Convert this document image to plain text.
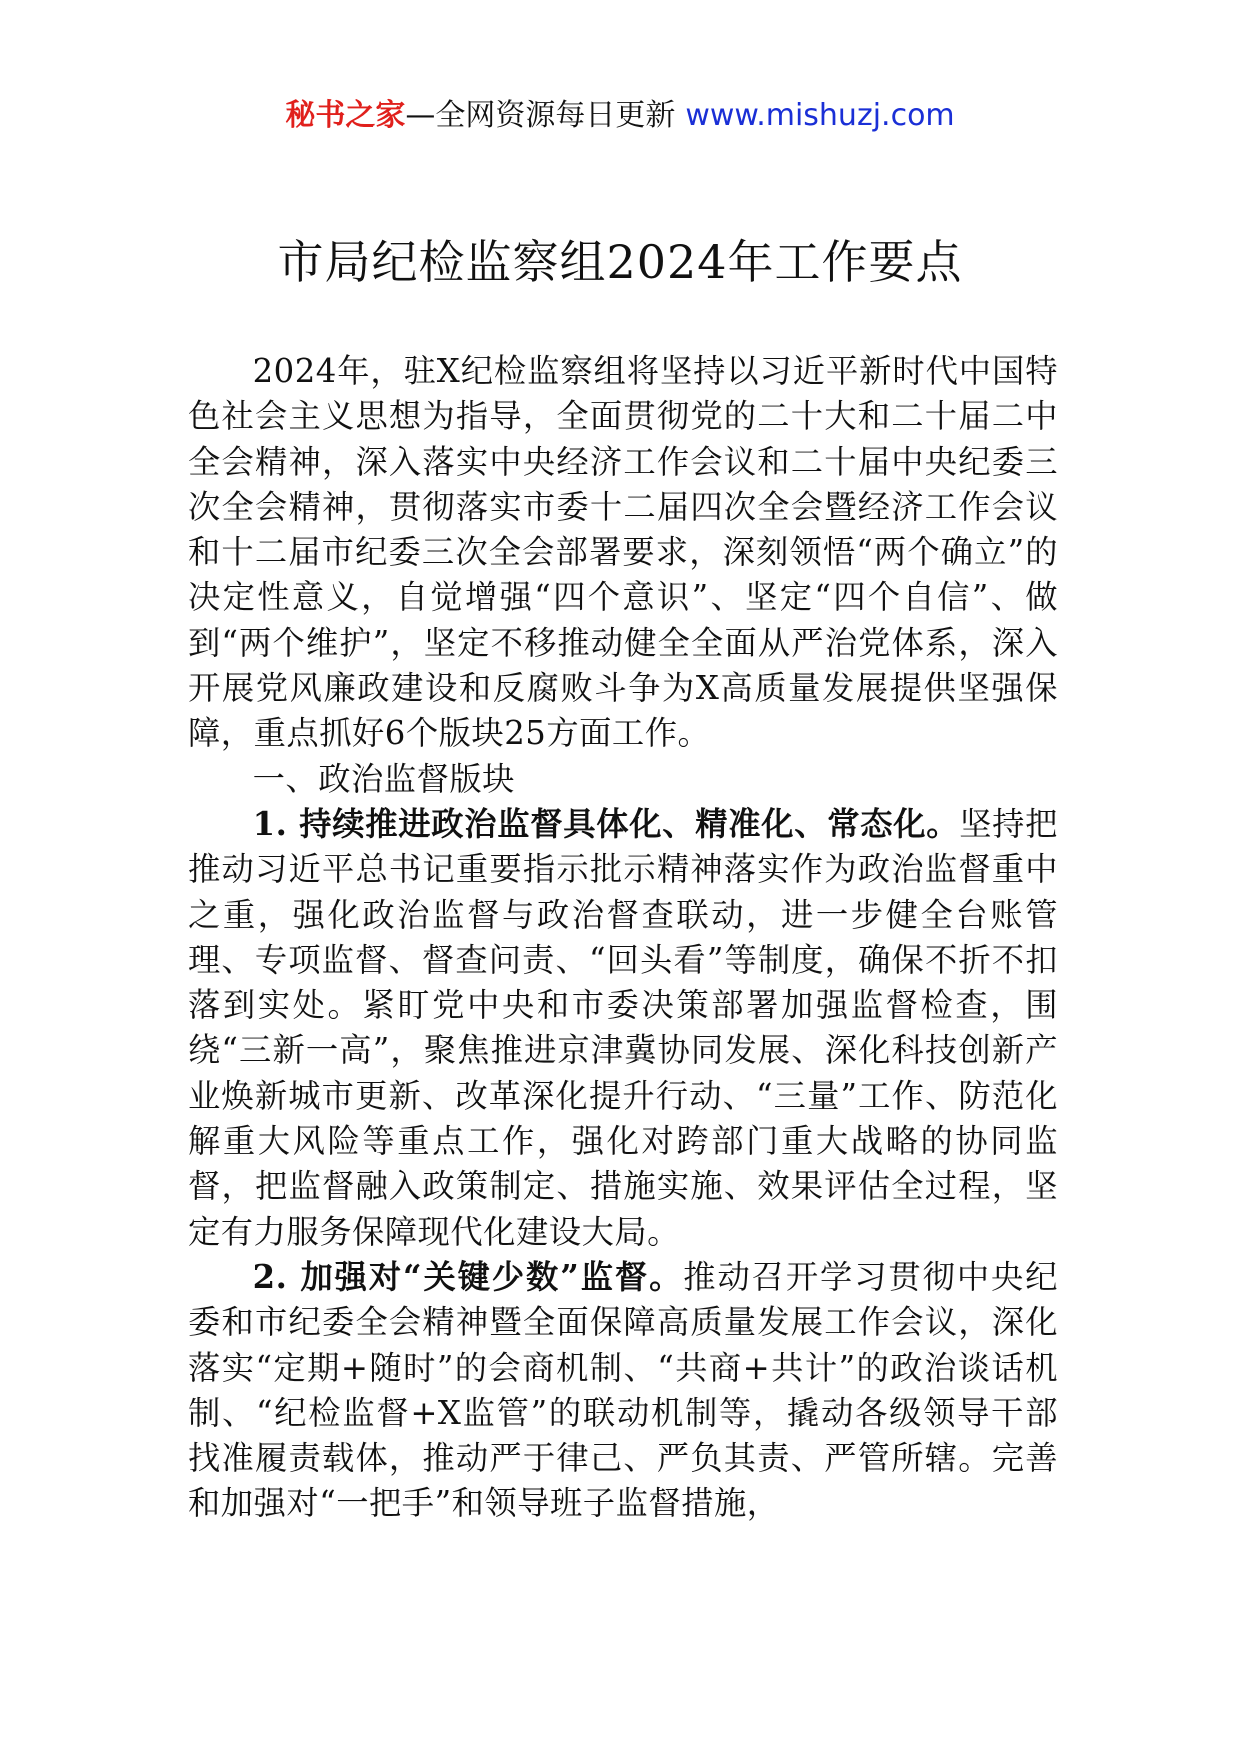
秘书之家—全网资源每日更新 www.mishuzj.com
市局纪检监察组2024年工作要点

2024年，驻X纪检监察组将坚持以习近平新时代中国特色社会主义思想为指导，全面贯彻党的二十大和二十届二中全会精神，深入落实中央经济工作会议和二十届中央纪委三次全会精神，贯彻落实市委十二届四次全会暨经济工作会议和十二届市纪委三次全会部署要求，深刻领悟“两个确立”的决定性意义，自觉增强“四个意识”、坚定“四个自信”、做到“两个维护”，坚定不移推动健全全面从严治党体系，深入开展党风廉政建设和反腐败斗争为X高质量发展提供坚强保障，重点抓好6个版块25方面工作。

一、政治监督版块

1. 持续推进政治监督具体化、精准化、常态化。坚持把推动习近平总书记重要指示批示精神落实作为政治监督重中之重，强化政治监督与政治督查联动，进一步健全台账管理、专项监督、督查问责、“回头看”等制度，确保不折不扣落到实处。紧盯党中央和市委决策部署加强监督检查，围绕“三新一高”，聚焦推进京津冀协同发展、深化科技创新产业焕新城市更新、改革深化提升行动、“三量”工作、防范化解重大风险等重点工作，强化对跨部门重大战略的协同监督，把监督融入政策制定、措施实施、效果评估全过程，坚定有力服务保障现代化建设大局。

2. 加强对“关键少数”监督。推动召开学习贯彻中央纪委和市纪委全会精神暨全面保障高质量发展工作会议，深化落实“定期+随时”的会商机制、“共商+共计”的政治谈话机制、“纪检监督+X监管”的联动机制等，撬动各级领导干部找准履责载体，推动严于律己、严负其责、严管所辖。完善和加强对“一把手”和领导班子监督措施，
